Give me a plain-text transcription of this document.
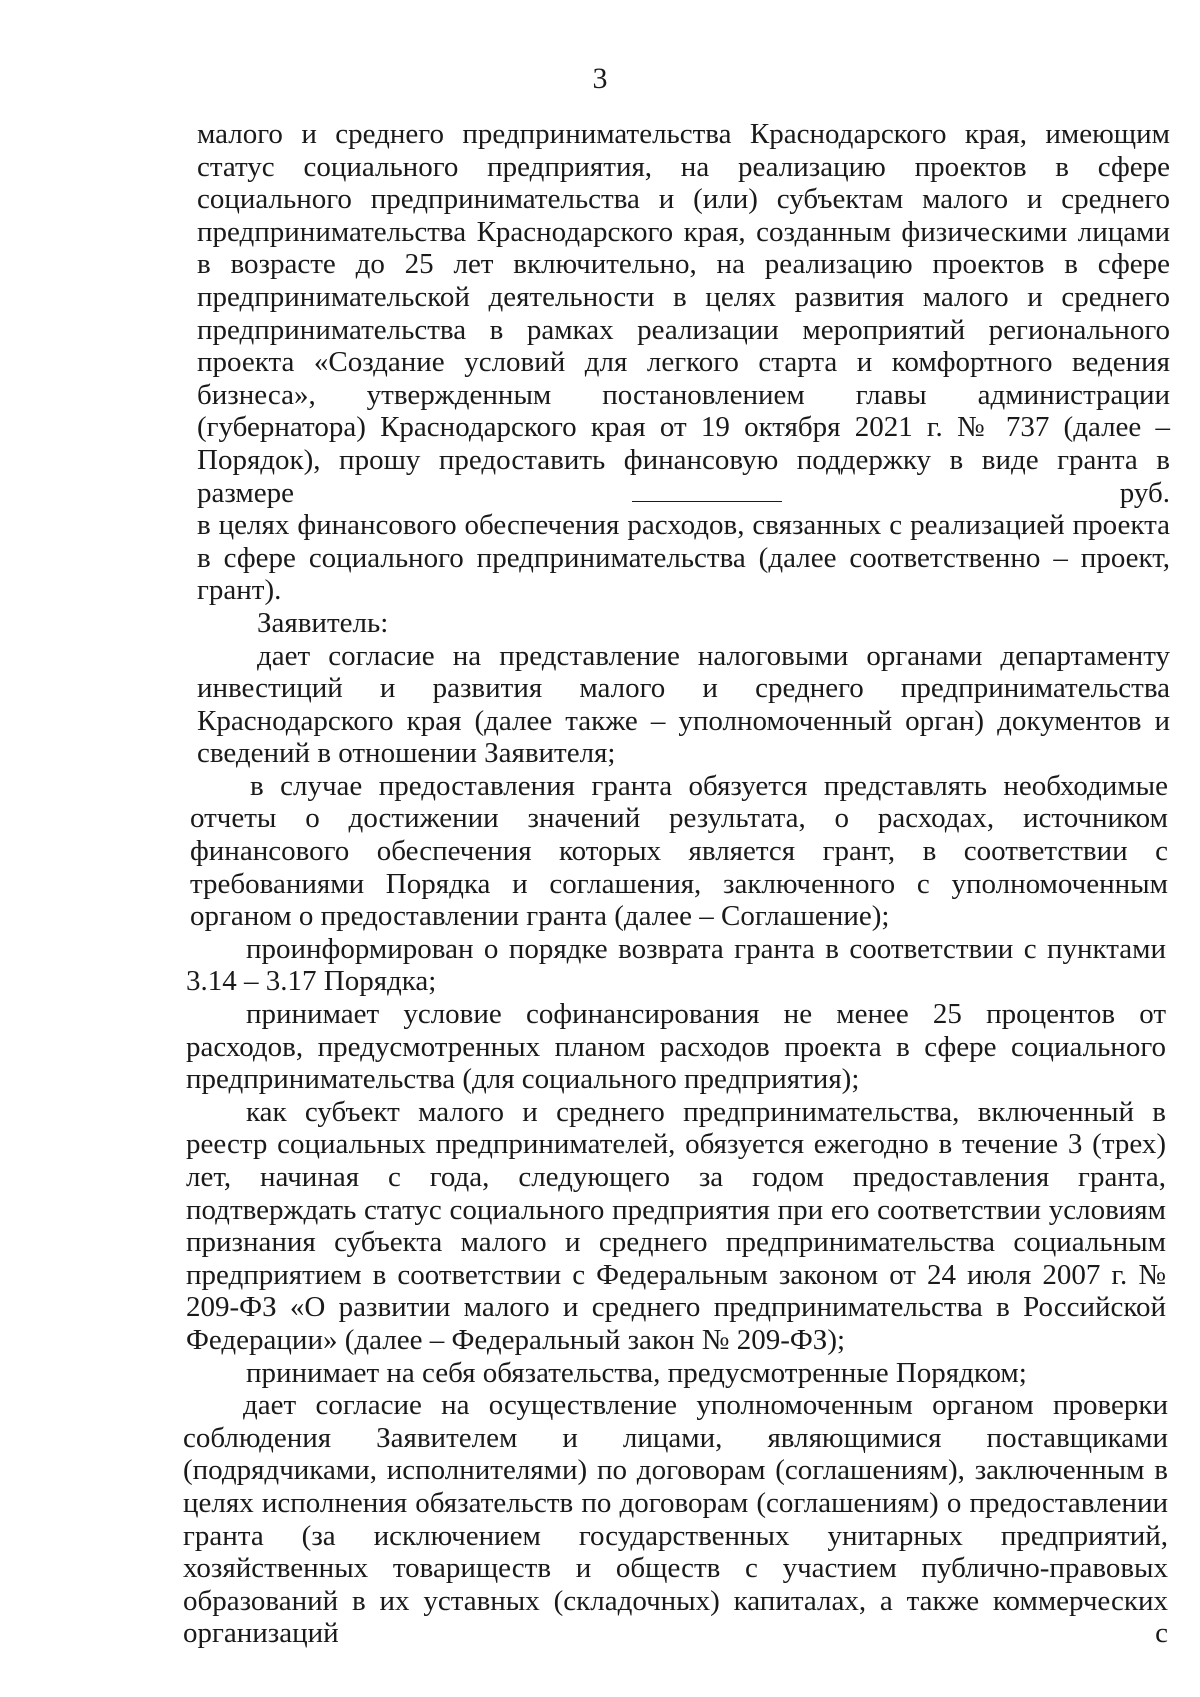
3

малого и среднего предпринимательства Краснодарского края, имеющим статус социального предприятия, на реализацию проектов в сфере социального предпринимательства и (или) субъектам малого и среднего предпринимательства Краснодарского края, созданным физическими лицами в возрасте до 25 лет включительно, на реализацию проектов в сфере предпринимательской деятельности в целях развития малого и среднего предпринимательства в рамках реализации мероприятий регионального проекта «Создание условий для легкого старта и комфортного ведения бизнеса», утвержденным постановлением главы администрации (губернатора) Краснодарского края от 19 октября 2021 г. № 737 (далее – Порядок), прошу предоставить финансовую поддержку в виде гранта в размере	руб.

в целях финансового обеспечения расходов, связанных с реализацией проекта в сфере социального предпринимательства (далее соответственно – проект, грант).

Заявитель:

дает согласие на представление налоговыми органами департаменту инвестиций и развития малого и среднего предпринимательства Краснодарского края (далее также – уполномоченный орган) документов и сведений в отношении Заявителя;

в случае предоставления гранта обязуется представлять необходимые отчеты о достижении значений результата, о расходах, источником финансового обеспечения которых является грант, в соответствии с требованиями Порядка и соглашения, заключенного с уполномоченным органом о предоставлении гранта (далее – Соглашение);

проинформирован о порядке возврата гранта в соответствии с пунктами 3.14 – 3.17 Порядка;

принимает условие софинансирования не менее 25 процентов от расходов, предусмотренных планом расходов проекта в сфере социального предпринимательства (для социального предприятия);

как субъект малого и среднего предпринимательства, включенный в реестр социальных предпринимателей, обязуется ежегодно в течение 3 (трех) лет, начиная с года, следующего за годом предоставления гранта, подтверждать статус социального предприятия при его соответствии условиям признания субъекта малого и среднего предпринимательства социальным предприятием в соответствии с Федеральным законом от 24 июля 2007 г. № 209-ФЗ «О развитии малого и среднего предпринимательства в Российской Федерации» (далее – Федеральный закон № 209-ФЗ);

принимает на себя обязательства, предусмотренные Порядком;

дает согласие на осуществление уполномоченным органом проверки соблюдения Заявителем и лицами, являющимися поставщиками (подрядчиками, исполнителями) по договорам (соглашениям), заключенным в целях исполнения обязательств по договорам (соглашениям) о предоставлении гранта (за исключением государственных унитарных предприятий, хозяйственных товариществ и обществ с участием публично-правовых образований в их уставных (складочных) капиталах, а также коммерческих организаций с
